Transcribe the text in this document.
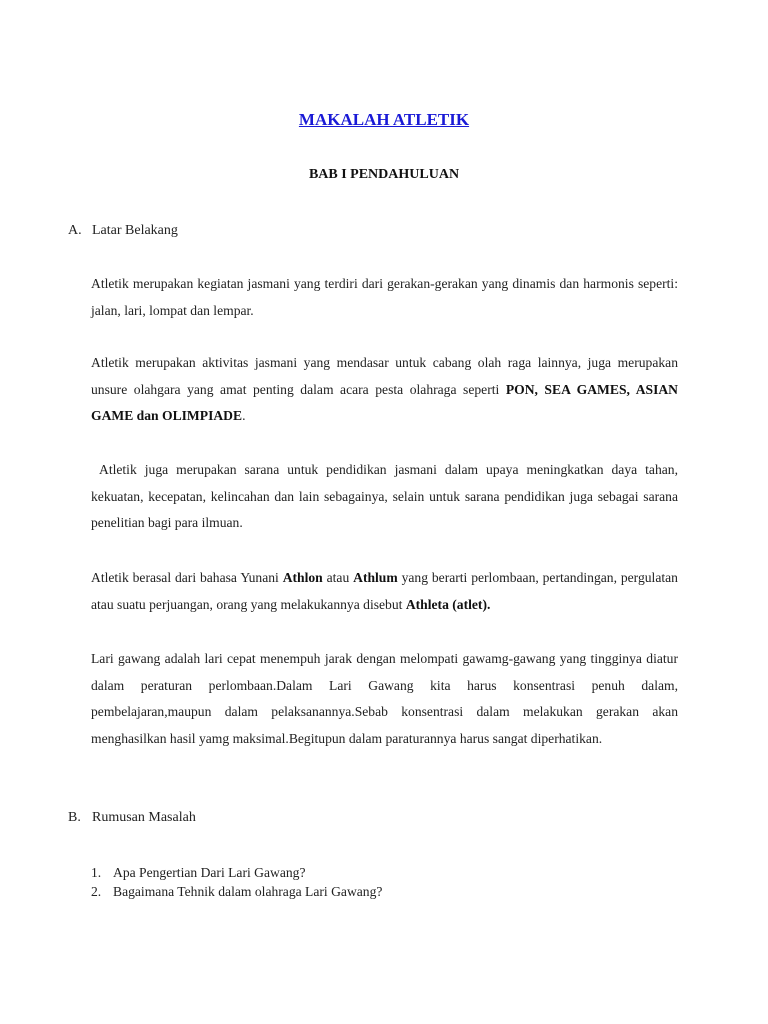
MAKALAH ATLETIK
BAB I PENDAHULUAN
A. Latar Belakang

Atletik merupakan kegiatan jasmani yang terdiri dari gerakan-gerakan yang dinamis dan harmonis seperti: jalan, lari, lompat dan lempar.

Atletik merupakan aktivitas jasmani yang mendasar untuk cabang olah raga lainnya, juga merupakan unsure olahgara yang amat penting dalam acara pesta olahraga seperti PON, SEA GAMES, ASIAN GAME dan OLIMPIADE.

Atletik juga merupakan sarana untuk pendidikan jasmani dalam upaya meningkatkan daya tahan, kekuatan, kecepatan, kelincahan dan lain sebagainya, selain untuk sarana pendidikan juga sebagai sarana penelitian bagi para ilmuan.

Atletik berasal dari bahasa Yunani Athlon atau Athlum yang berarti perlombaan, pertandingan, pergulatan atau suatu perjuangan, orang yang melakukannya disebut Athleta (atlet).

Lari gawang adalah lari cepat menempuh jarak dengan melompati gawamg-gawang yang tingginya diatur dalam peraturan perlombaan.Dalam Lari Gawang kita harus konsentrasi penuh dalam, pembelajaran,maupun dalam pelaksanannya.Sebab konsentrasi dalam melakukan gerakan akan menghasilkan hasil yamg maksimal.Begitupun dalam paraturannya harus sangat diperhatikan.

B. Rumusan Masalah
1. Apa Pengertian Dari Lari Gawang?
2. Bagaimana Tehnik dalam olahraga Lari Gawang?
